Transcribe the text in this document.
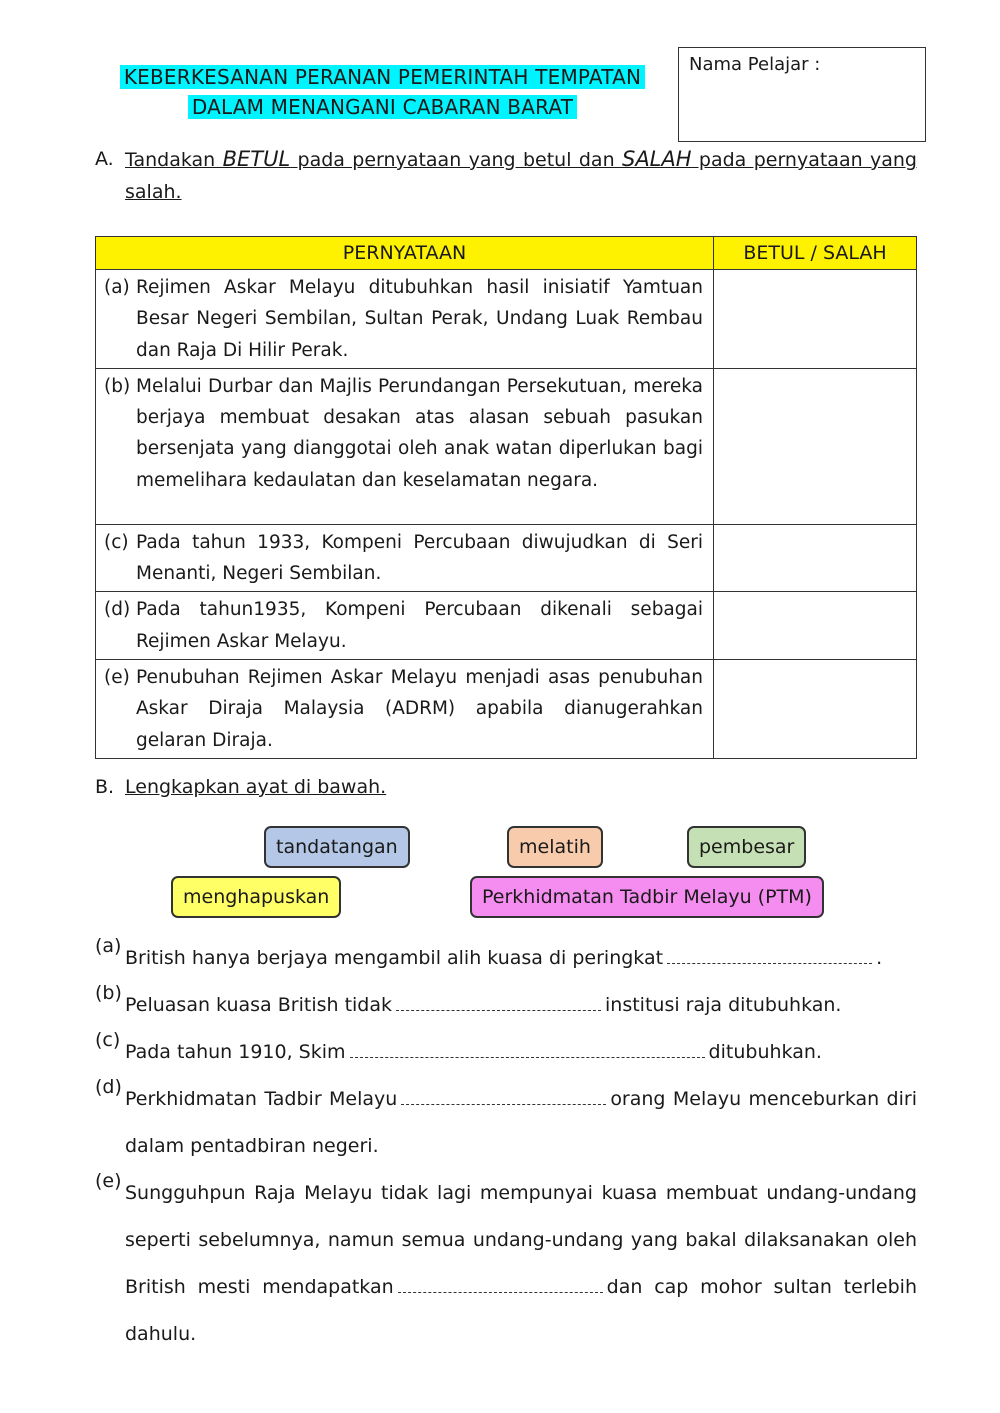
KEBERKESANAN PERANAN PEMERINTAH TEMPATAN
DALAM MENANGANI CABARAN BARAT
Nama Pelajar :
A. Tandakan BETUL pada pernyataan yang betul dan SALAH pada pernyataan yang salah.
PERNYATAAN	BETUL / SALAH

(a) Rejimen Askar Melayu ditubuhkan hasil inisiatif Yamtuan Besar Negeri Sembilan, Sultan Perak, Undang Luak Rembau dan Raja Di Hilir Perak.	

(b) Melalui Durbar dan Majlis Perundangan Persekutuan, mereka berjaya membuat desakan atas alasan sebuah pasukan bersenjata yang dianggotai oleh anak watan diperlukan bagi memelihara kedaulatan dan keselamatan negara.	

(c) Pada tahun 1933, Kompeni Percubaan diwujudkan di Seri Menanti, Negeri Sembilan.	

(d) Pada tahun1935, Kompeni Percubaan dikenali sebagai Rejimen Askar Melayu.	

(e) Penubuhan Rejimen Askar Melayu menjadi asas penubuhan Askar Diraja Malaysia (ADRM) apabila dianugerahkan gelaran Diraja.	

B. Lengkapkan ayat di bawah.
tandatangan	melatih	pembesar
menghapuskan	Perkhidmatan Tadbir Melayu (PTM)
(a)
British hanya berjaya mengambil alih kuasa di peringkat	.
(b)
Peluasan kuasa British tidak	institusi raja ditubuhkan.
(c)
Pada tahun 1910, Skim	ditubuhkan.
(d)
Perkhidmatan Tadbir Melayu	orang Melayu menceburkan diri dalam pentadbiran negeri.
(e)
Sungguhpun Raja Melayu tidak lagi mempunyai kuasa membuat undang-undang seperti sebelumnya, namun semua undang-undang yang bakal dilaksanakan oleh British mesti mendapatkan	dan cap mohor sultan terlebih dahulu.
